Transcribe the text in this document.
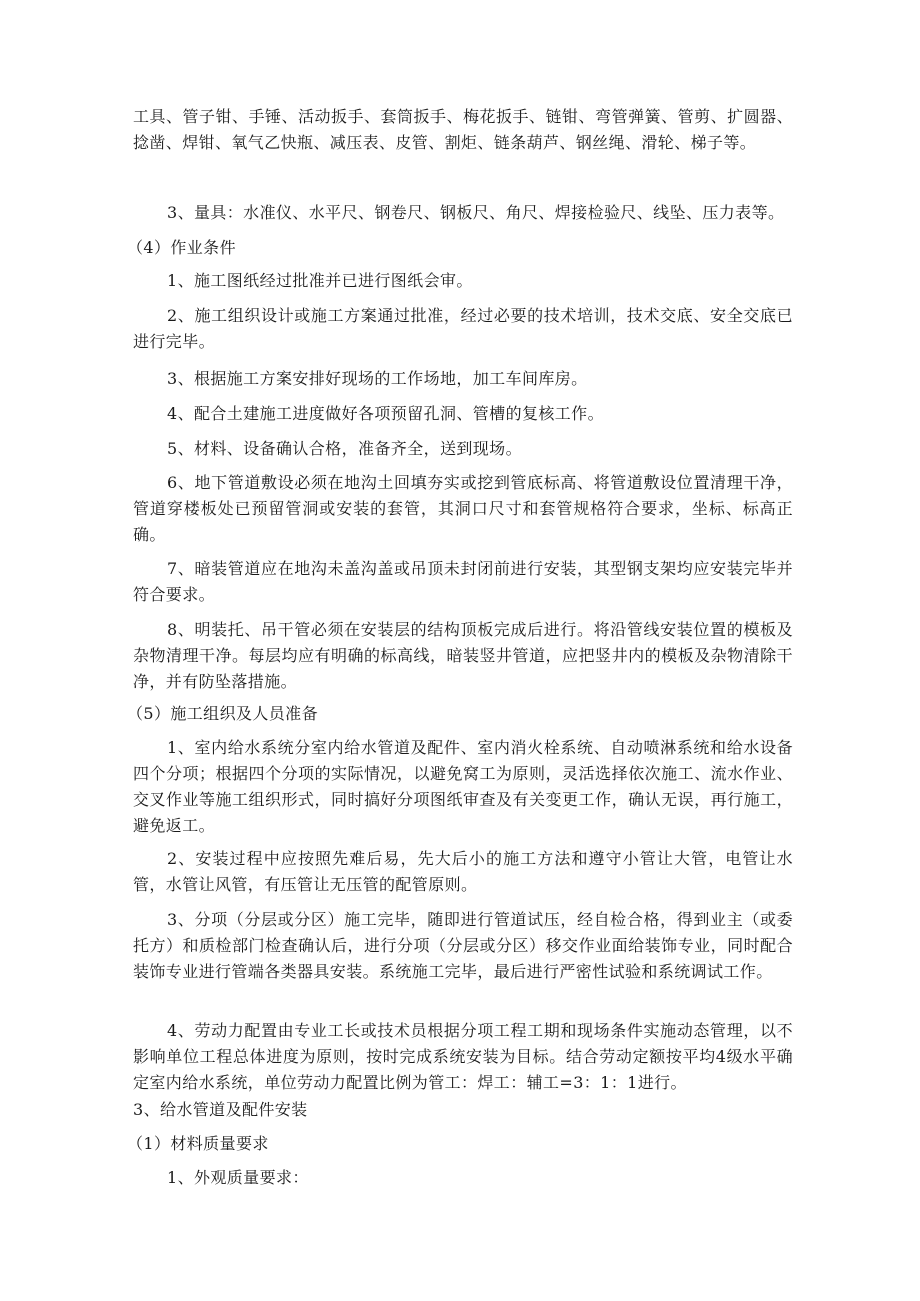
工具、管子钳、手锤、活动扳手、套筒扳手、梅花扳手、链钳、弯管弹簧、管剪、扩圆器、捻凿、焊钳、氧气乙快瓶、减压表、皮管、割炬、链条葫芦、钢丝绳、滑轮、梯子等。

3、量具：水准仪、水平尺、钢卷尺、钢板尺、角尺、焊接检验尺、线坠、压力表等。

（4）作业条件

1、施工图纸经过批准并已进行图纸会审。

2、施工组织设计或施工方案通过批准，经过必要的技术培训，技术交底、安全交底已进行完毕。

3、根据施工方案安排好现场的工作场地，加工车间库房。

4、配合土建施工进度做好各项预留孔洞、管槽的复核工作。

5、材料、设备确认合格，准备齐全，送到现场。

6、地下管道敷设必须在地沟土回填夯实或挖到管底标高、将管道敷设位置清理干净，管道穿楼板处已预留管洞或安装的套管，其洞口尺寸和套管规格符合要求，坐标、标高正确。

7、暗装管道应在地沟未盖沟盖或吊顶未封闭前进行安装，其型钢支架均应安装完毕并符合要求。

8、明装托、吊干管必须在安装层的结构顶板完成后进行。将沿管线安装位置的模板及杂物清理干净。每层均应有明确的标高线，暗装竖井管道，应把竖井内的模板及杂物清除干净，并有防坠落措施。

（5）施工组织及人员准备

1、室内给水系统分室内给水管道及配件、室内消火栓系统、自动喷淋系统和给水设备四个分项；根据四个分项的实际情况，以避免窝工为原则，灵活选择依次施工、流水作业、交叉作业等施工组织形式，同时搞好分项图纸审查及有关变更工作，确认无误，再行施工，避免返工。

2、安装过程中应按照先难后易，先大后小的施工方法和遵守小管让大管，电管让水管，水管让风管，有压管让无压管的配管原则。

3、分项（分层或分区）施工完毕，随即进行管道试压，经自检合格，得到业主（或委托方）和质检部门检查确认后，进行分项（分层或分区）移交作业面给装饰专业，同时配合装饰专业进行管端各类器具安装。系统施工完毕，最后进行严密性试验和系统调试工作。

4、劳动力配置由专业工长或技术员根据分项工程工期和现场条件实施动态管理，以不影响单位工程总体进度为原则，按时完成系统安装为目标。结合劳动定额按平均4级水平确定室内给水系统，单位劳动力配置比例为管工：焊工：辅工=3：1：1进行。

3、给水管道及配件安装

（1）材料质量要求

1、外观质量要求：
